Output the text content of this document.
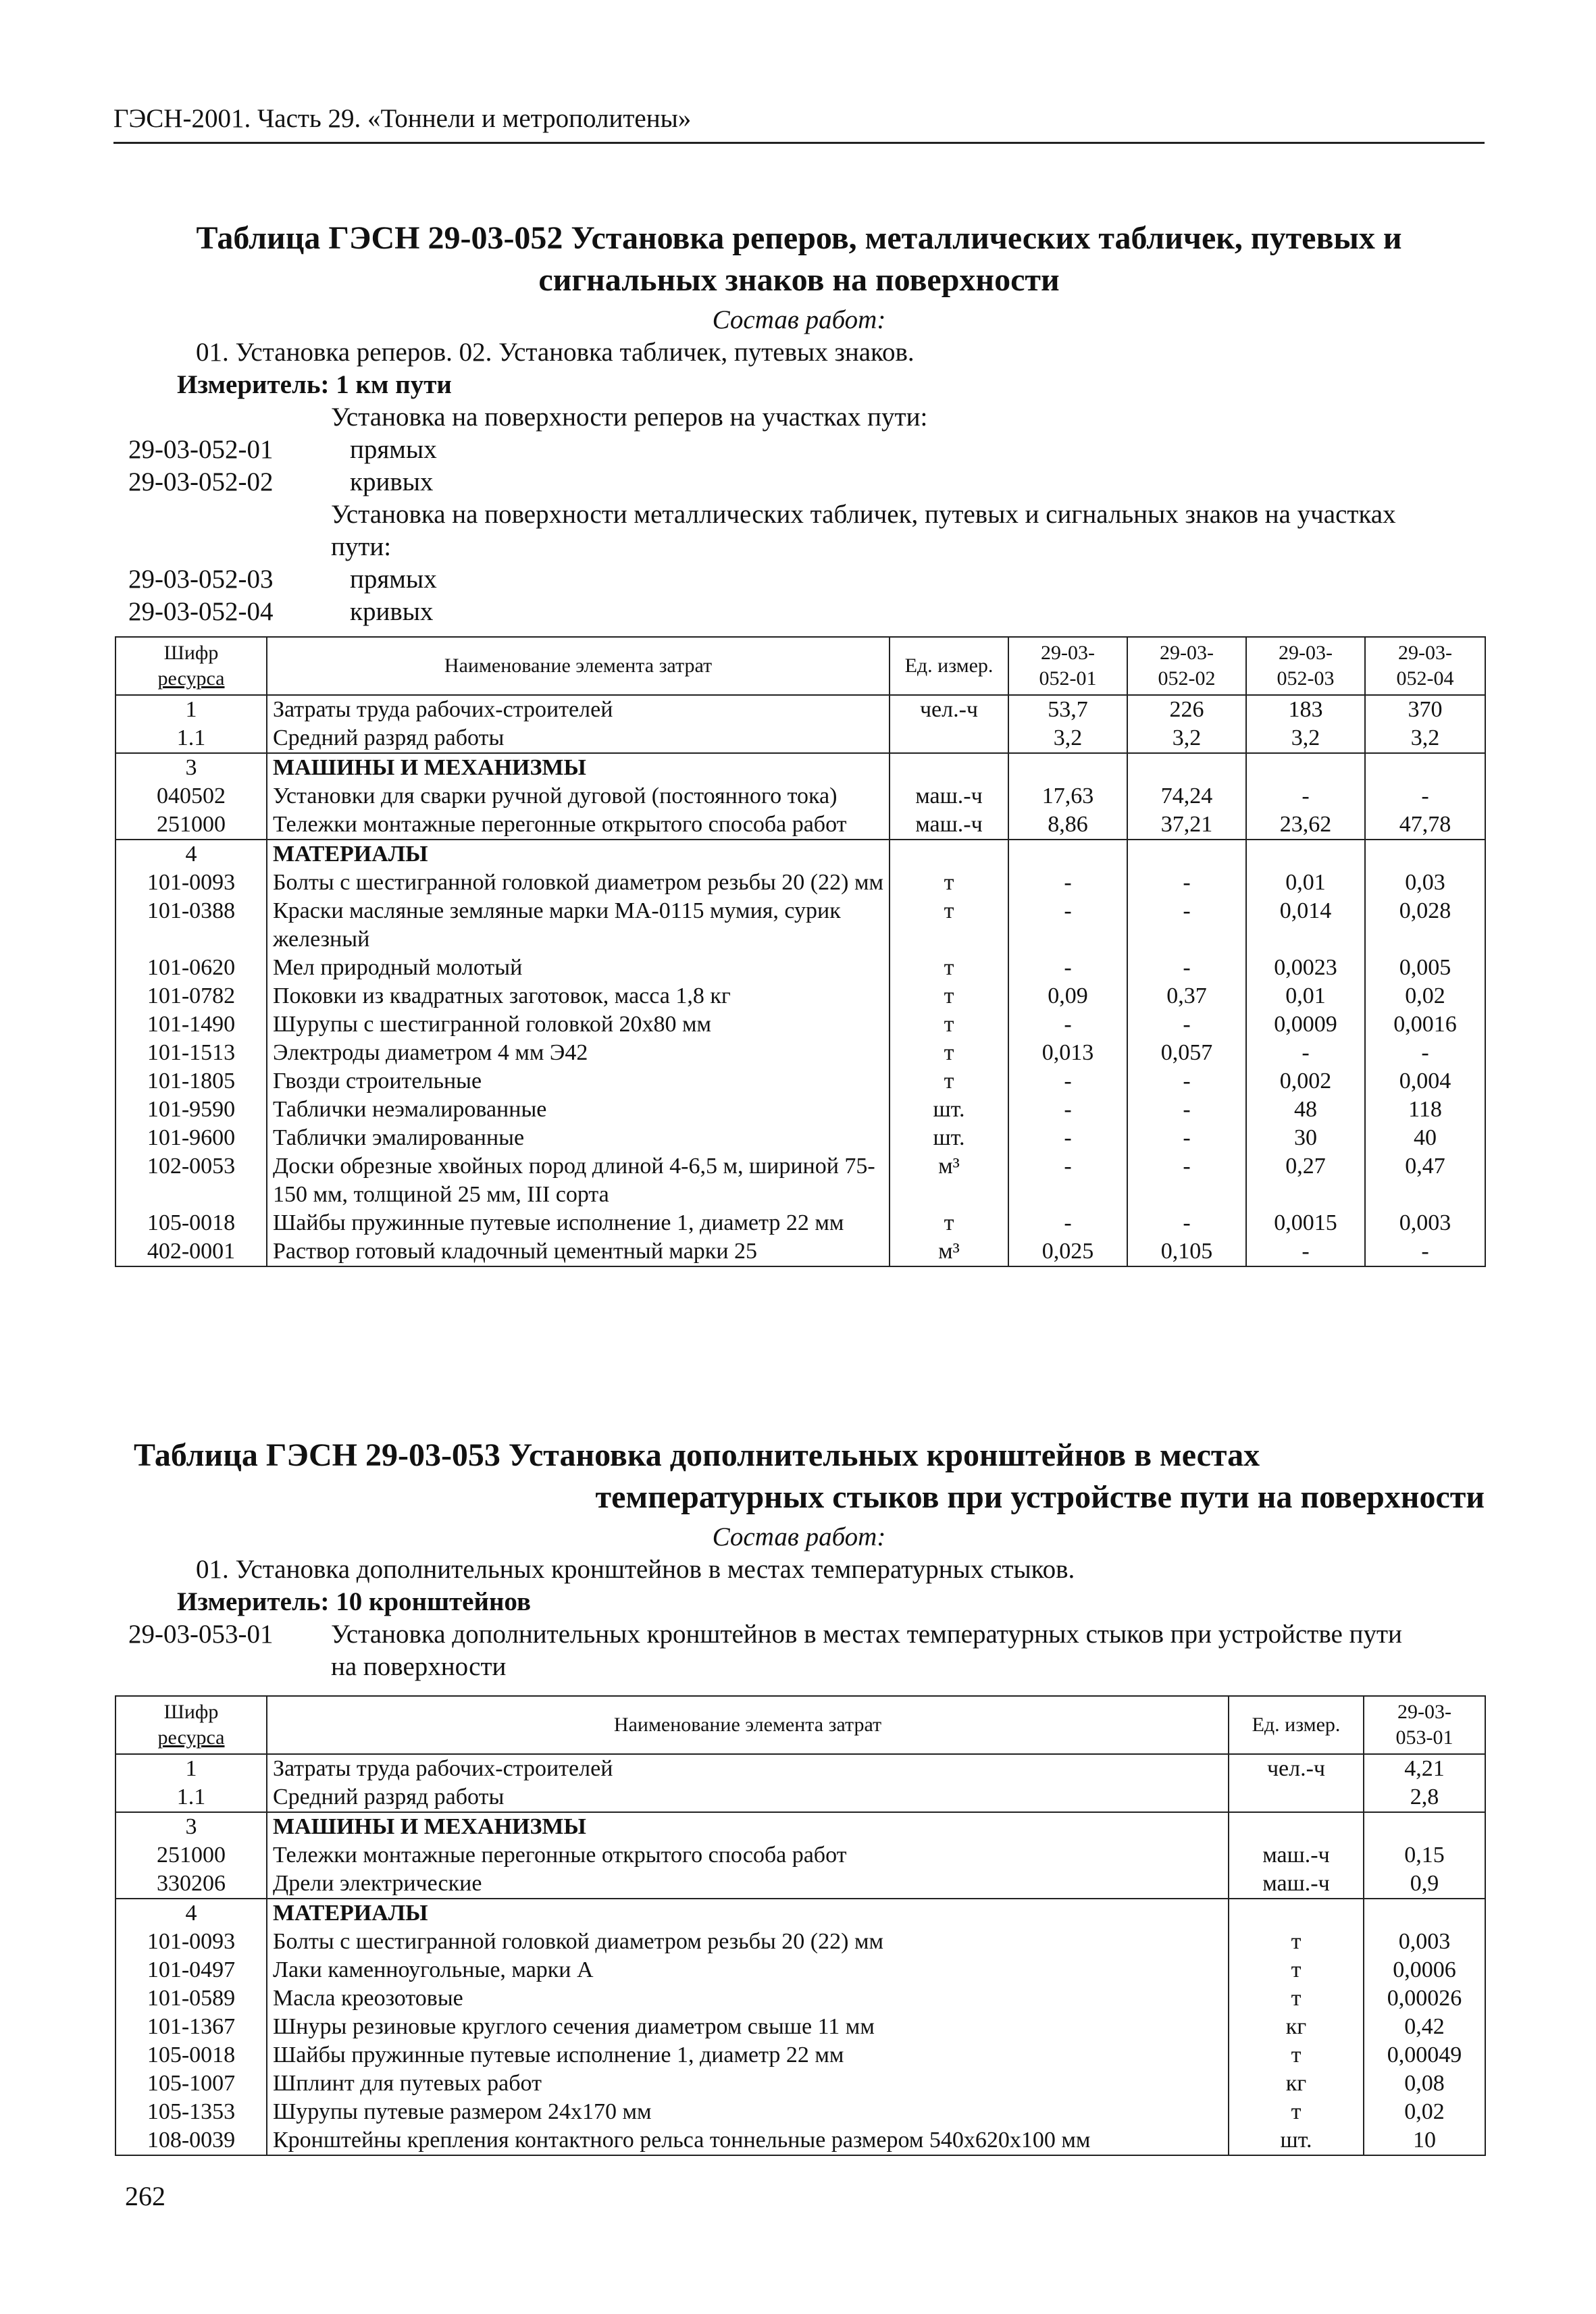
ГЭСН-2001. Часть 29. «Тоннели и метрополитены»
Таблица ГЭСН 29-03-052 Установка реперов, металлических табличек, путевых и
сигнальных знаков на поверхности
Состав работ:
01. Установка реперов. 02. Установка табличек, путевых знаков.
Измеритель: 1 км пути
Установка на поверхности реперов на участках пути:
29-03-052-01	прямых
29-03-052-02	кривых
Установка на поверхности металлических табличек, путевых и сигнальных знаков на участках
пути:
29-03-052-03	прямых
29-03-052-04	кривых
Шифр
ресурса	Наименование элемента затрат	Ед. измер.	29-03-
052-01	29-03-
052-02	29-03-
052-03	29-03-
052-04
1	Затраты труда рабочих-строителей	чел.-ч	53,7	226	183	370
1.1	Средний разряд работы		3,2	3,2	3,2	3,2
3	МАШИНЫ И МЕХАНИЗМЫ					
040502	Установки для сварки ручной дуговой (постоянного тока)	маш.-ч	17,63	74,24	-	-
251000	Тележки монтажные перегонные открытого способа работ	маш.-ч	8,86	37,21	23,62	47,78
4	МАТЕРИАЛЫ					
101-0093	Болты с шестигранной головкой диаметром резьбы 20 (22) мм	т	-	-	0,01	0,03
101-0388	Краски масляные земляные марки МА-0115 мумия, сурик железный	т	-	-	0,014	0,028
101-0620	Мел природный молотый	т	-	-	0,0023	0,005
101-0782	Поковки из квадратных заготовок, масса 1,8 кг	т	0,09	0,37	0,01	0,02
101-1490	Шурупы с шестигранной головкой 20х80 мм	т	-	-	0,0009	0,0016
101-1513	Электроды диаметром 4 мм Э42	т	0,013	0,057	-	-
101-1805	Гвозди строительные	т	-	-	0,002	0,004
101-9590	Таблички неэмалированные	шт.	-	-	48	118
101-9600	Таблички эмалированные	шт.	-	-	30	40
102-0053	Доски обрезные хвойных пород длиной 4-6,5 м, шириной 75-150 мм, толщиной 25 мм, III сорта	м³	-	-	0,27	0,47
105-0018	Шайбы пружинные путевые исполнение 1, диаметр 22 мм	т	-	-	0,0015	0,003
402-0001	Раствор готовый кладочный цементный марки 25	м³	0,025	0,105	-	-
Таблица ГЭСН 29-03-053 Установка дополнительных кронштейнов в местах
температурных стыков при устройстве пути на поверхности
Состав работ:
01. Установка дополнительных кронштейнов в местах температурных стыков.
Измеритель: 10 кронштейнов
29-03-053-01	Установка дополнительных кронштейнов в местах температурных стыков при устройстве пути
на поверхности
Шифр
ресурса	Наименование элемента затрат	Ед. измер.	29-03-
053-01
1	Затраты труда рабочих-строителей	чел.-ч	4,21
1.1	Средний разряд работы		2,8
3	МАШИНЫ И МЕХАНИЗМЫ		
251000	Тележки монтажные перегонные открытого способа работ	маш.-ч	0,15
330206	Дрели электрические	маш.-ч	0,9
4	МАТЕРИАЛЫ		
101-0093	Болты с шестигранной головкой диаметром резьбы 20 (22) мм	т	0,003
101-0497	Лаки каменноугольные, марки А	т	0,0006
101-0589	Масла креозотовые	т	0,00026
101-1367	Шнуры резиновые круглого сечения диаметром свыше 11 мм	кг	0,42
105-0018	Шайбы пружинные путевые исполнение 1, диаметр 22 мм	т	0,00049
105-1007	Шплинт для путевых работ	кг	0,08
105-1353	Шурупы путевые размером 24х170 мм	т	0,02
108-0039	Кронштейны крепления контактного рельса тоннельные размером 540х620х100 мм	шт.	10
262
